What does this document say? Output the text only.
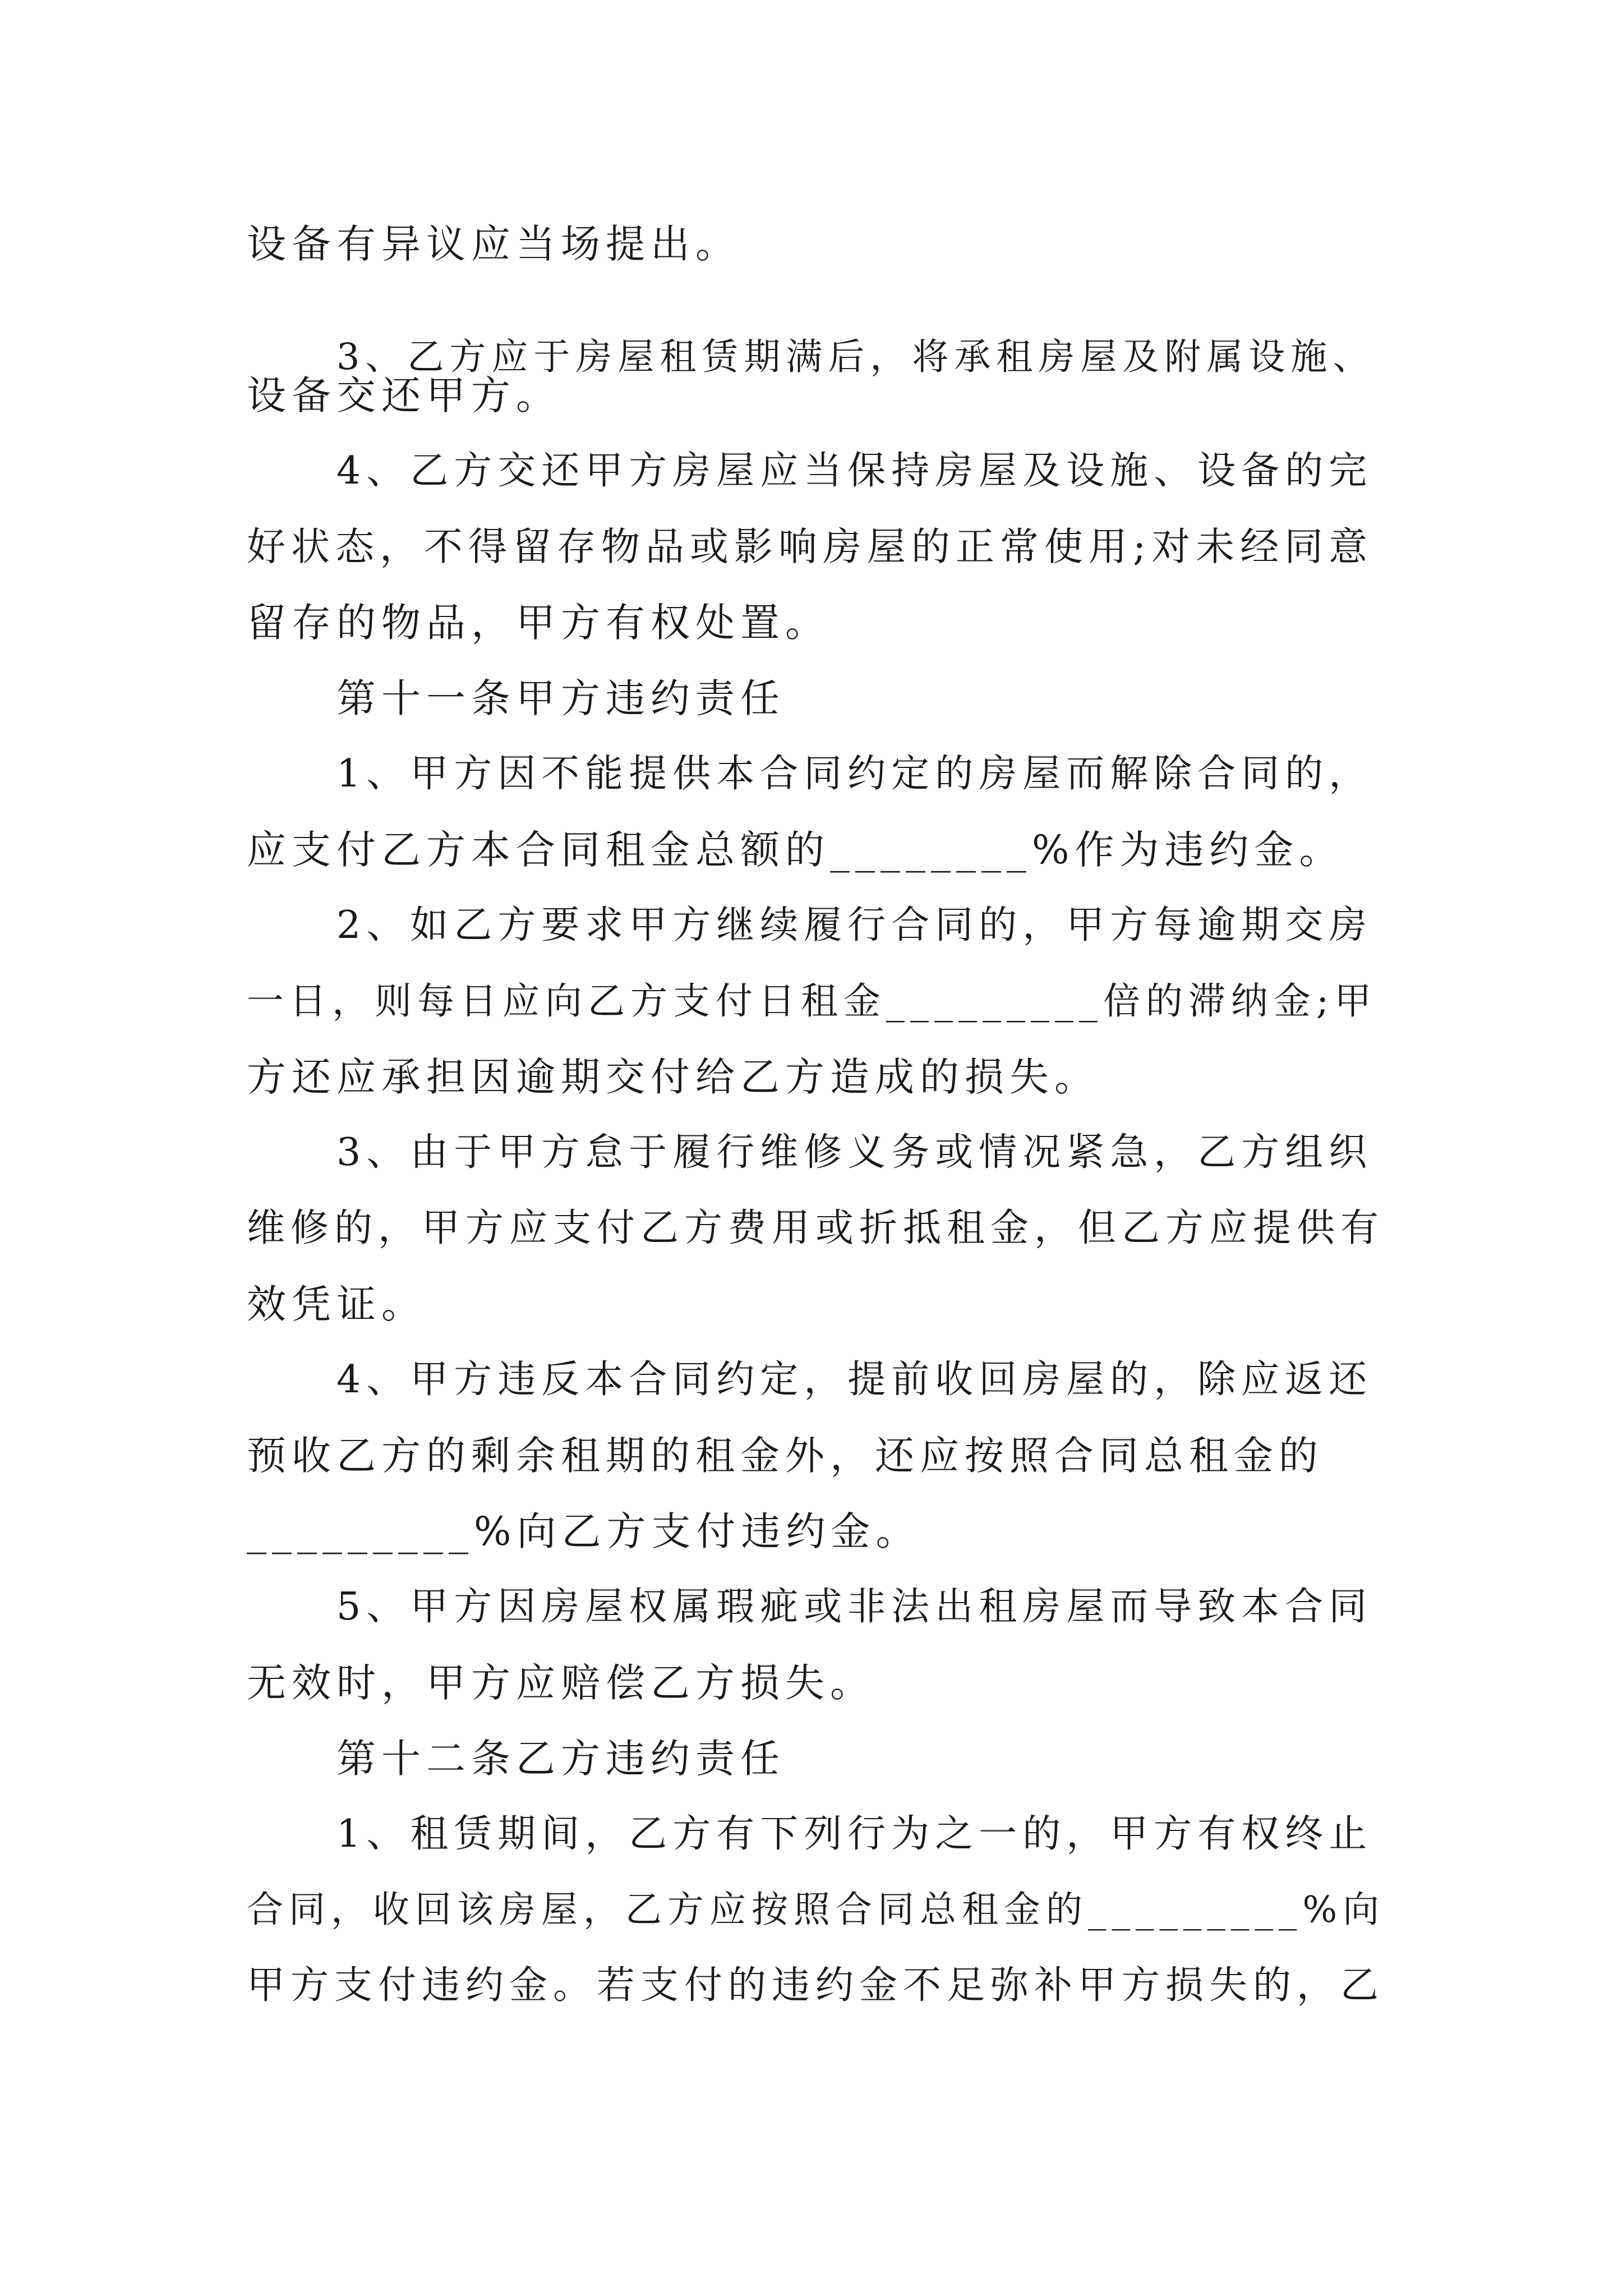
设备有异议应当场提出。
3、乙方应于房屋租赁期满后，将承租房屋及附属设施、
设备交还甲方。
4、乙方交还甲方房屋应当保持房屋及设施、设备的完
好状态，不得留存物品或影响房屋的正常使用;对未经同意
留存的物品，甲方有权处置。
第十一条甲方违约责任
1、甲方因不能提供本合同约定的房屋而解除合同的，
应支付乙方本合同租金总额的________%作为违约金。
2、如乙方要求甲方继续履行合同的，甲方每逾期交房
一日，则每日应向乙方支付日租金_________倍的滞纳金;甲
方还应承担因逾期交付给乙方造成的损失。
3、由于甲方怠于履行维修义务或情况紧急，乙方组织
维修的，甲方应支付乙方费用或折抵租金，但乙方应提供有
效凭证。
4、甲方违反本合同约定，提前收回房屋的，除应返还
预收乙方的剩余租期的租金外，还应按照合同总租金的
_________%向乙方支付违约金。
5、甲方因房屋权属瑕疵或非法出租房屋而导致本合同
无效时，甲方应赔偿乙方损失。
第十二条乙方违约责任
1、租赁期间，乙方有下列行为之一的，甲方有权终止
合同，收回该房屋，乙方应按照合同总租金的_________%向
甲方支付违约金。若支付的违约金不足弥补甲方损失的，乙
